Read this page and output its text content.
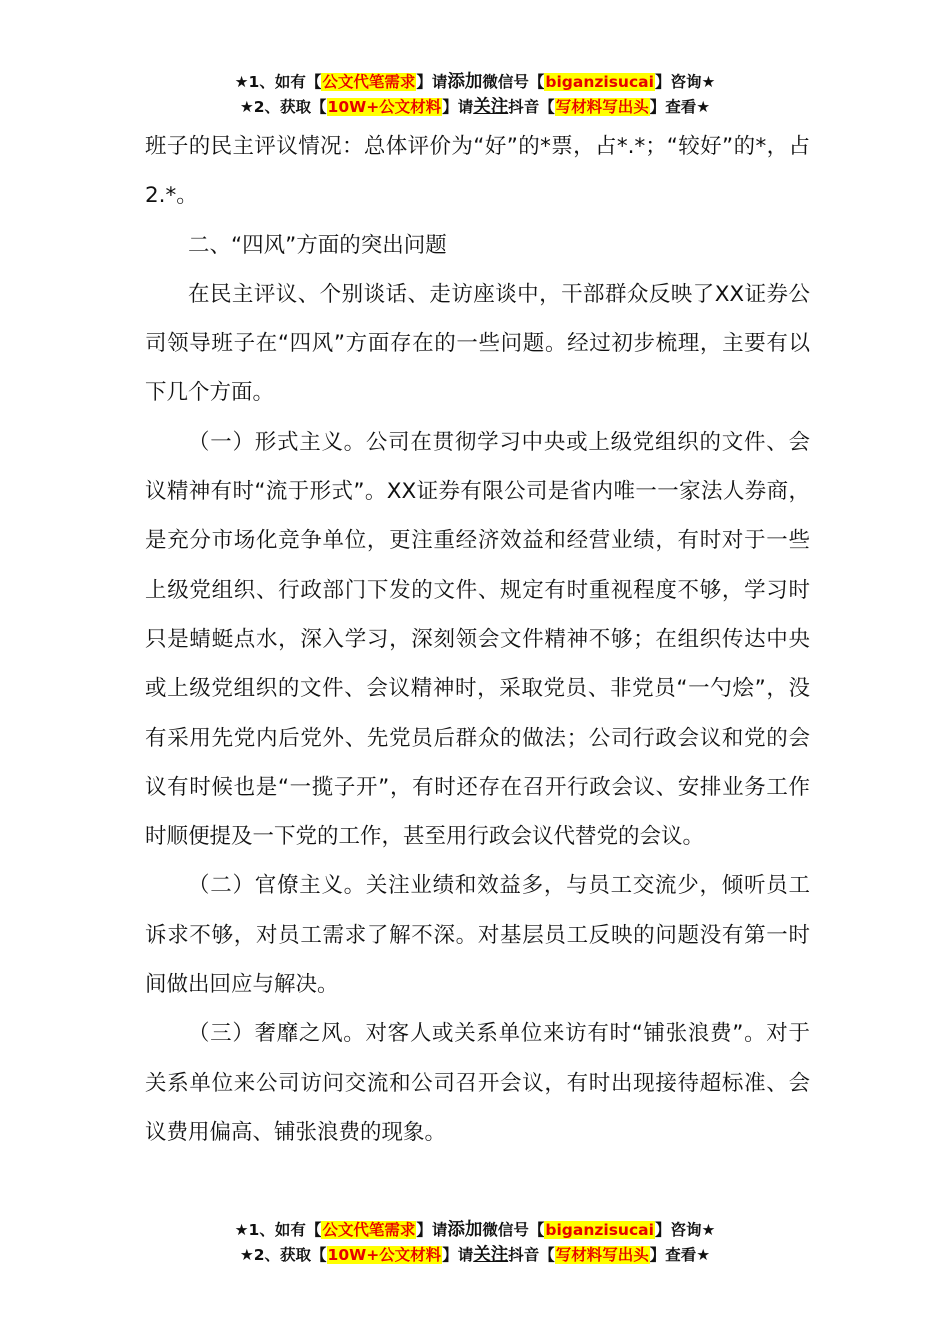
★1、如有【公文代笔需求】请添加微信号【biganzisucai】咨询★
★2、获取【10W+公文材料】请关注抖音【写材料写出头】查看★

班子的民主评议情况：总体评价为“好”的*票，占*.*；“较好”的*，占2.*。

二、“四风”方面的突出问题

在民主评议、个别谈话、走访座谈中，干部群众反映了XX证券公司领导班子在“四风”方面存在的一些问题。经过初步梳理，主要有以下几个方面。

（一）形式主义。公司在贯彻学习中央或上级党组织的文件、会议精神有时“流于形式”。XX证券有限公司是省内唯一一家法人券商，是充分市场化竞争单位，更注重经济效益和经营业绩，有时对于一些上级党组织、行政部门下发的文件、规定有时重视程度不够，学习时只是蜻蜓点水，深入学习，深刻领会文件精神不够；在组织传达中央或上级党组织的文件、会议精神时，采取党员、非党员“一勺烩”，没有采用先党内后党外、先党员后群众的做法；公司行政会议和党的会议有时候也是“一揽子开”，有时还存在召开行政会议、安排业务工作时顺便提及一下党的工作，甚至用行政会议代替党的会议。

（二）官僚主义。关注业绩和效益多，与员工交流少，倾听员工诉求不够，对员工需求了解不深。对基层员工反映的问题没有第一时间做出回应与解决。

（三）奢靡之风。对客人或关系单位来访有时“铺张浪费”。对于关系单位来公司访问交流和公司召开会议，有时出现接待超标准、会议费用偏高、铺张浪费的现象。

★1、如有【公文代笔需求】请添加微信号【biganzisucai】咨询★
★2、获取【10W+公文材料】请关注抖音【写材料写出头】查看★
